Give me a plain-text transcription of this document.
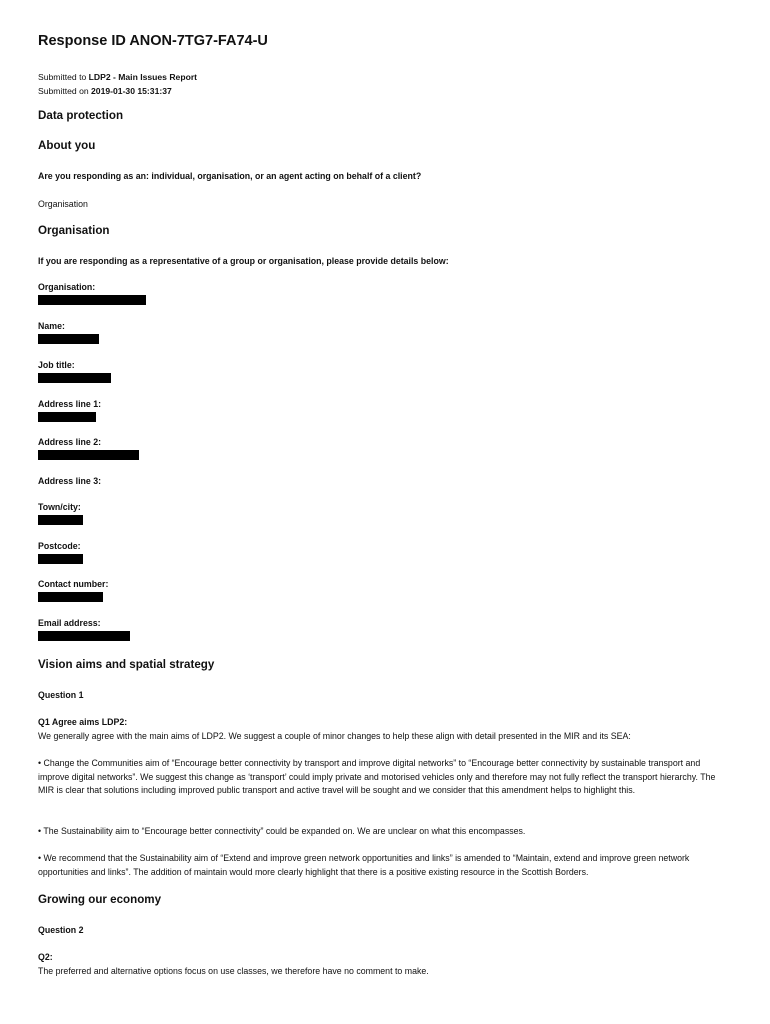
Response ID ANON-7TG7-FA74-U

Submitted to LDP2 - Main Issues Report

Submitted on 2019-01-30 15:31:37

Data protection

About you

Are you responding as an: individual, organisation, or an agent acting on behalf of a client?

Organisation

Organisation

If you are responding as a representative of a group or organisation, please provide details below:

Organisation:

Name:

Job title:

Address line 1:

Address line 2:

Address line 3:

Town/city:

Postcode:

Contact number:

Email address:

Vision aims and spatial strategy

Question 1

Q1 Agree aims LDP2:

We generally agree with the main aims of LDP2. We suggest a couple of minor changes to help these align with detail presented in the MIR and its SEA:

• Change the Communities aim of “Encourage better connectivity by transport and improve digital networks” to “Encourage better connectivity by sustainable transport and improve digital networks”. We suggest this change as ‘transport’ could imply private and motorised vehicles only and therefore may not fully reflect the transport hierarchy. The MIR is clear that solutions including improved public transport and active travel will be sought and we consider that this amendment helps to highlight this.

• The Sustainability aim to “Encourage better connectivity” could be expanded on. We are unclear on what this encompasses.

• We recommend that the Sustainability aim of “Extend and improve green network opportunities and links” is amended to “Maintain, extend and improve green network opportunities and links”. The addition of maintain would more clearly highlight that there is a positive existing resource in the Scottish Borders.

Growing our economy

Question 2

Q2:

The preferred and alternative options focus on use classes, we therefore have no comment to make.
